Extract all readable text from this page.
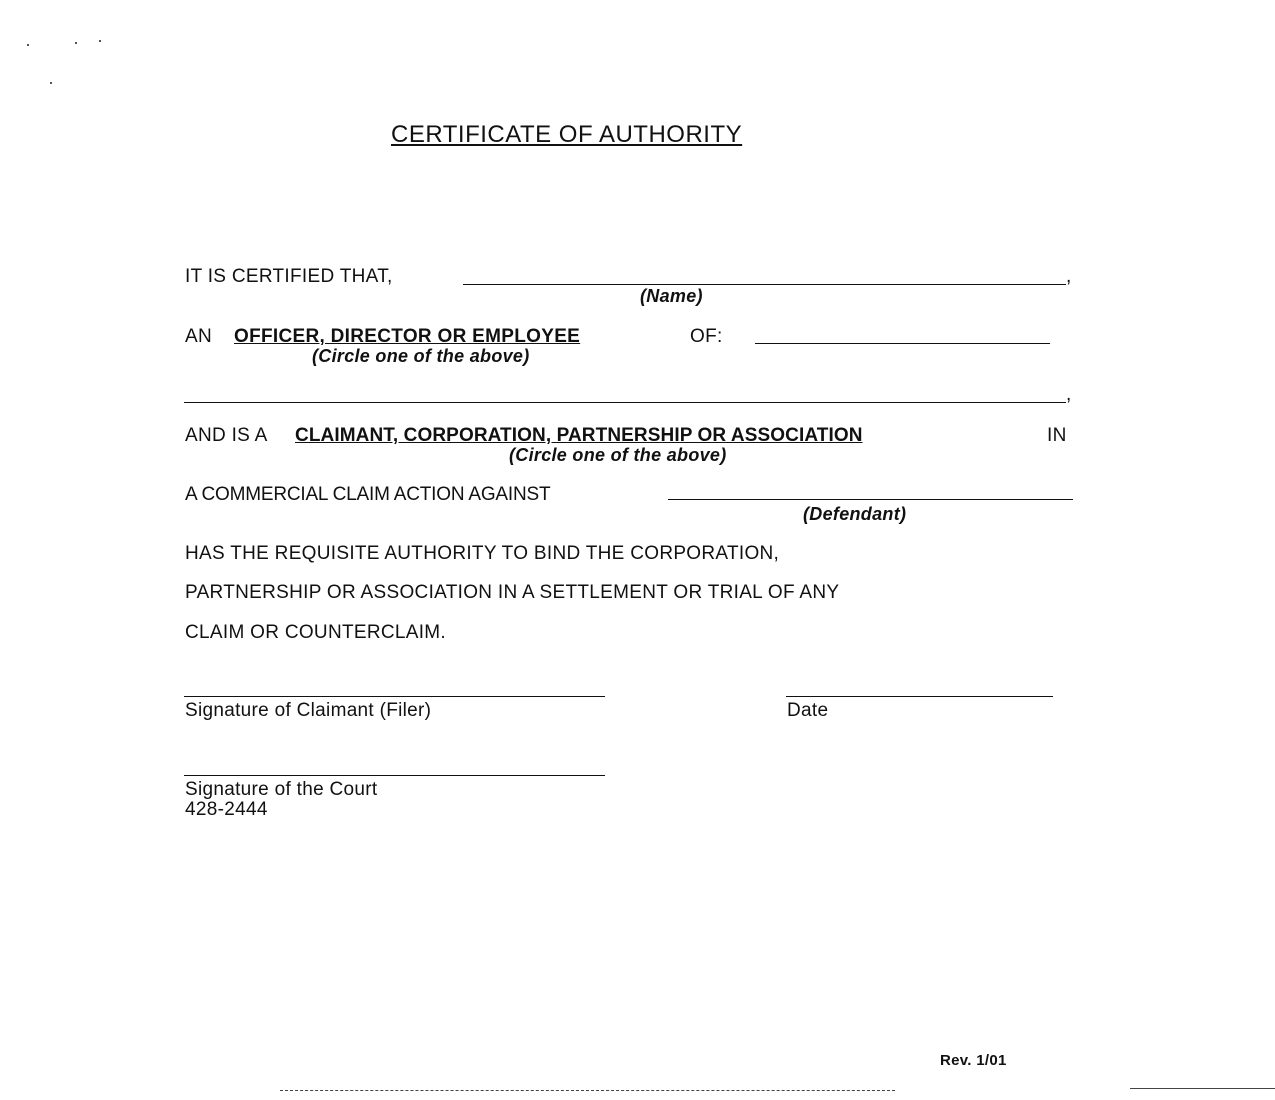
CERTIFICATE OF AUTHORITY
IT IS CERTIFIED THAT,	,
(Name)
AN OFFICER, DIRECTOR OR EMPLOYEE	OF:
(Circle one of the above)
,
AND IS A CLAIMANT, CORPORATION, PARTNERSHIP OR ASSOCIATION	IN
(Circle one of the above)
A COMMERCIAL CLAIM ACTION AGAINST
(Defendant)
HAS THE REQUISITE AUTHORITY TO BIND THE CORPORATION,
PARTNERSHIP OR ASSOCIATION IN A SETTLEMENT OR TRIAL OF ANY
CLAIM OR COUNTERCLAIM.
Signature of Claimant (Filer)	Date
Signature of the Court
428-2444
Rev. 1/01
